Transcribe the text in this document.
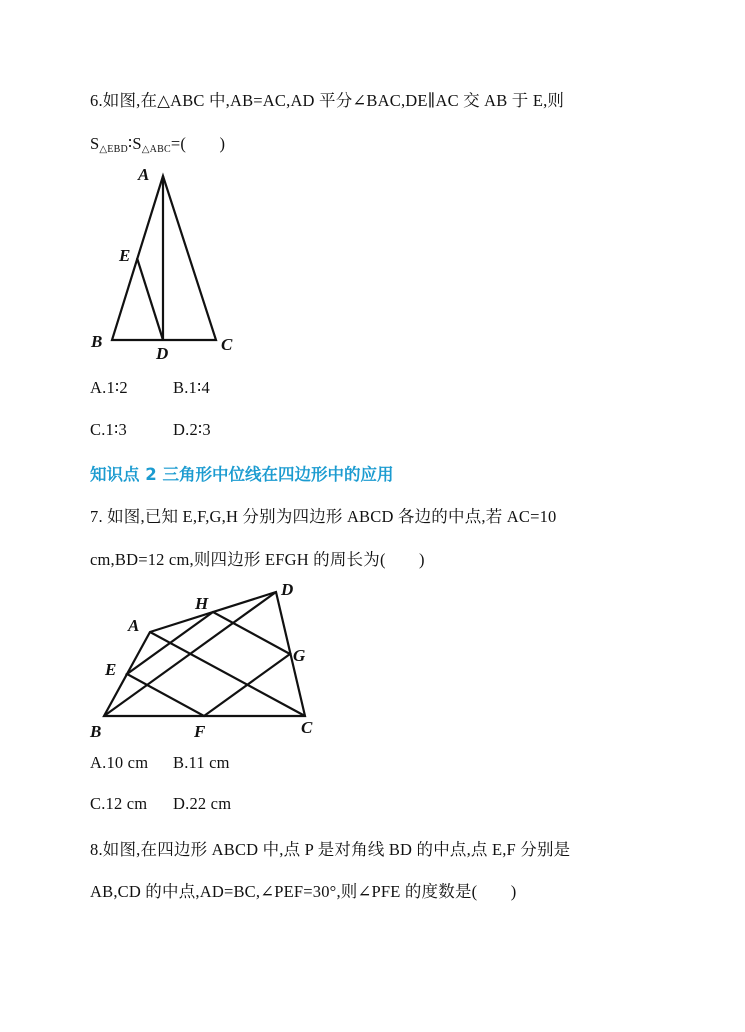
6.如图,在△ABC 中,AB=AC,AD 平分∠BAC,DE∥AC 交 AB 于 E,则
$S_{\triangle EBD}∶S_{\triangle ABC}=$(　　)
A
E
B
D	C
A.1∶2	B.1∶4
C.1∶3	D.2∶3
知识点 2 三角形中位线在四边形中的应用
7. 如图,已知 E,F,G,H 分别为四边形 ABCD 各边的中点,若 AC=10
cm,BD=12 cm,则四边形 EFGH 的周长为(　　)
A
H
D
E
G
B	F	C
A.10 cm B.11 cm
C.12 cm D.22 cm
8.如图,在四边形 ABCD 中,点 P 是对角线 BD 的中点,点 E,F 分别是
AB,CD 的中点,AD=BC,∠PEF=30°,则∠PFE 的度数是(　　)
